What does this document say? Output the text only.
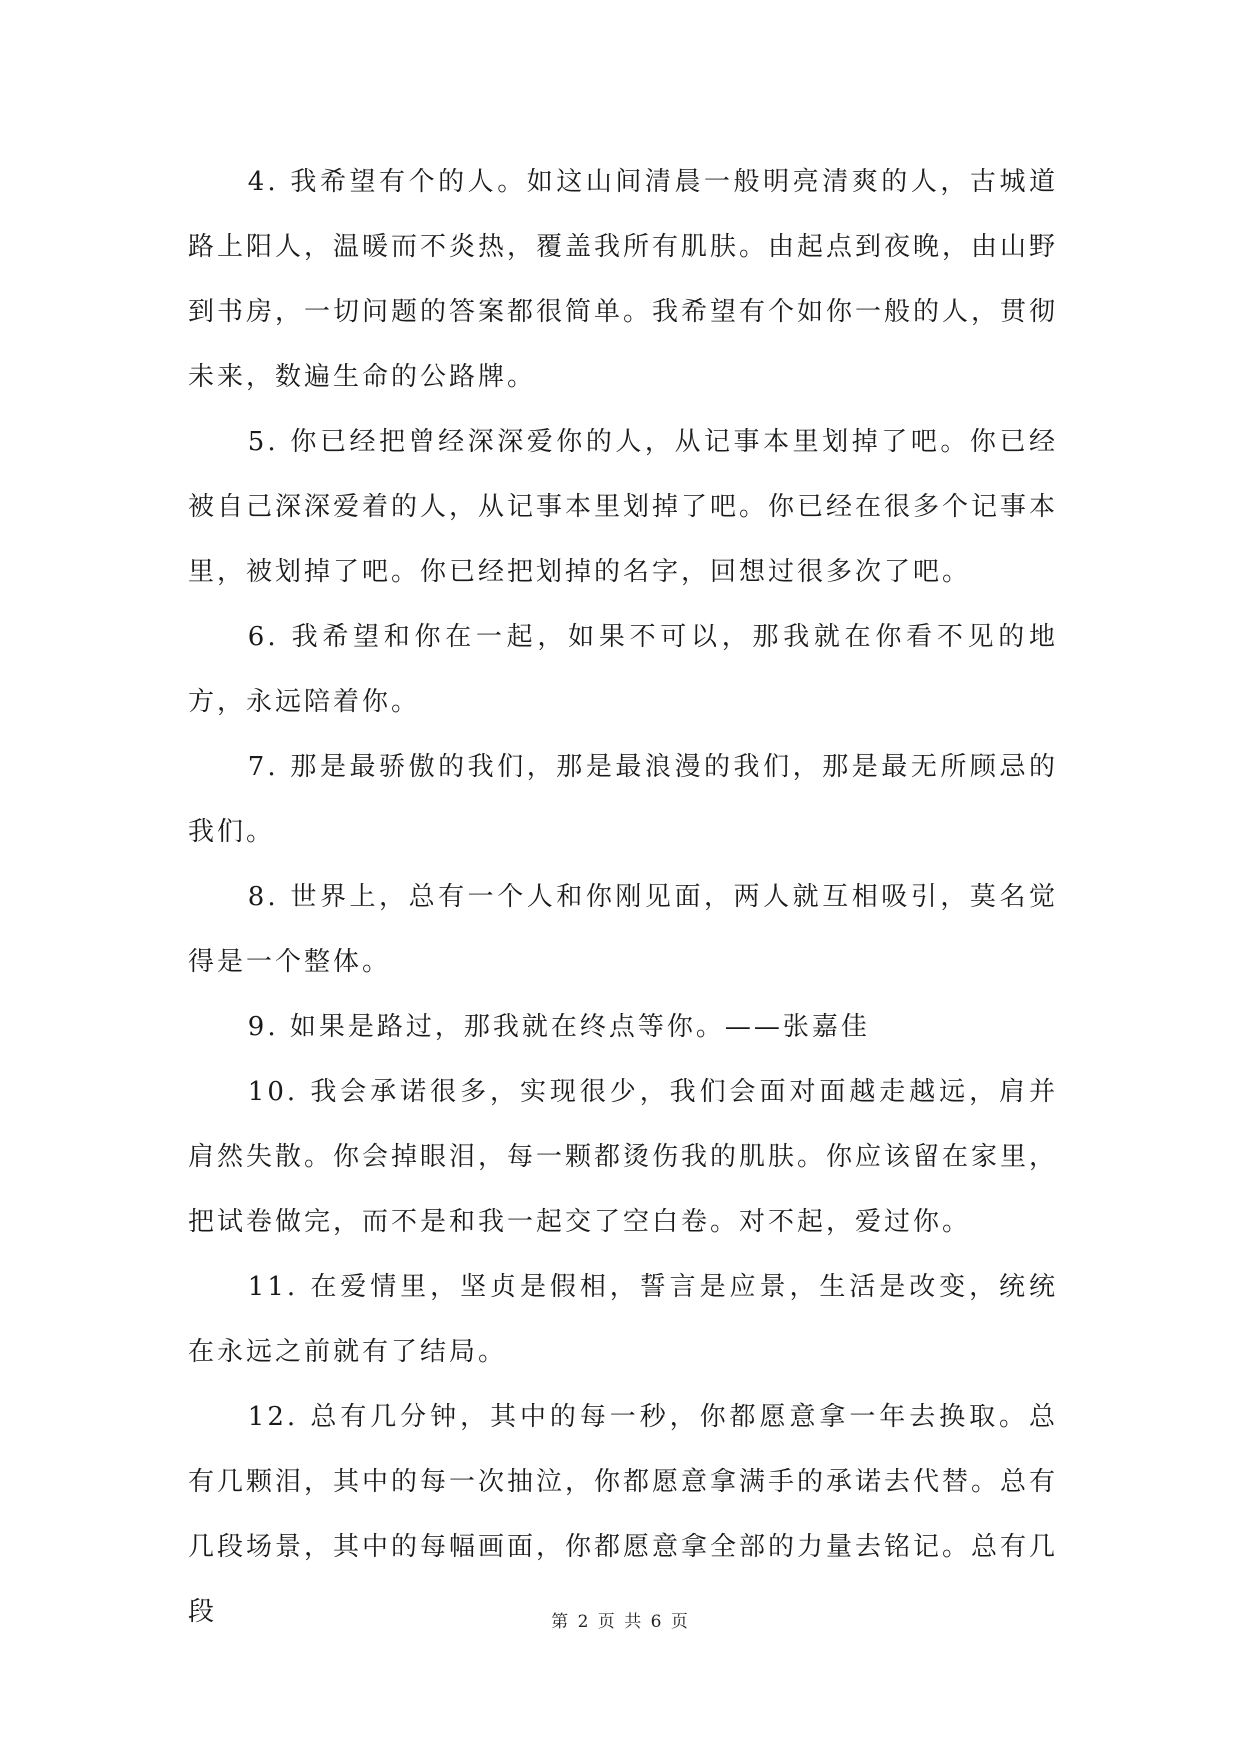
4. 我希望有个的人。如这山间清晨一般明亮清爽的人，古城道路上阳人，温暖而不炎热，覆盖我所有肌肤。由起点到夜晚，由山野到书房，一切问题的答案都很简单。我希望有个如你一般的人，贯彻未来，数遍生命的公路牌。

5. 你已经把曾经深深爱你的人，从记事本里划掉了吧。你已经被自己深深爱着的人，从记事本里划掉了吧。你已经在很多个记事本里，被划掉了吧。你已经把划掉的名字，回想过很多次了吧。

6. 我希望和你在一起，如果不可以，那我就在你看不见的地方，永远陪着你。

7. 那是最骄傲的我们，那是最浪漫的我们，那是最无所顾忌的我们。

8. 世界上，总有一个人和你刚见面，两人就互相吸引，莫名觉得是一个整体。

9. 如果是路过，那我就在终点等你。——张嘉佳

10. 我会承诺很多，实现很少，我们会面对面越走越远，肩并肩然失散。你会掉眼泪，每一颗都烫伤我的肌肤。你应该留在家里，把试卷做完，而不是和我一起交了空白卷。对不起，爱过你。

11. 在爱情里，坚贞是假相，誓言是应景，生活是改变，统统在永远之前就有了结局。

12. 总有几分钟，其中的每一秒，你都愿意拿一年去换取。总有几颗泪，其中的每一次抽泣，你都愿意拿满手的承诺去代替。总有几段场景，其中的每幅画面，你都愿意拿全部的力量去铭记。总有几段	第 2 页 共 6 页
